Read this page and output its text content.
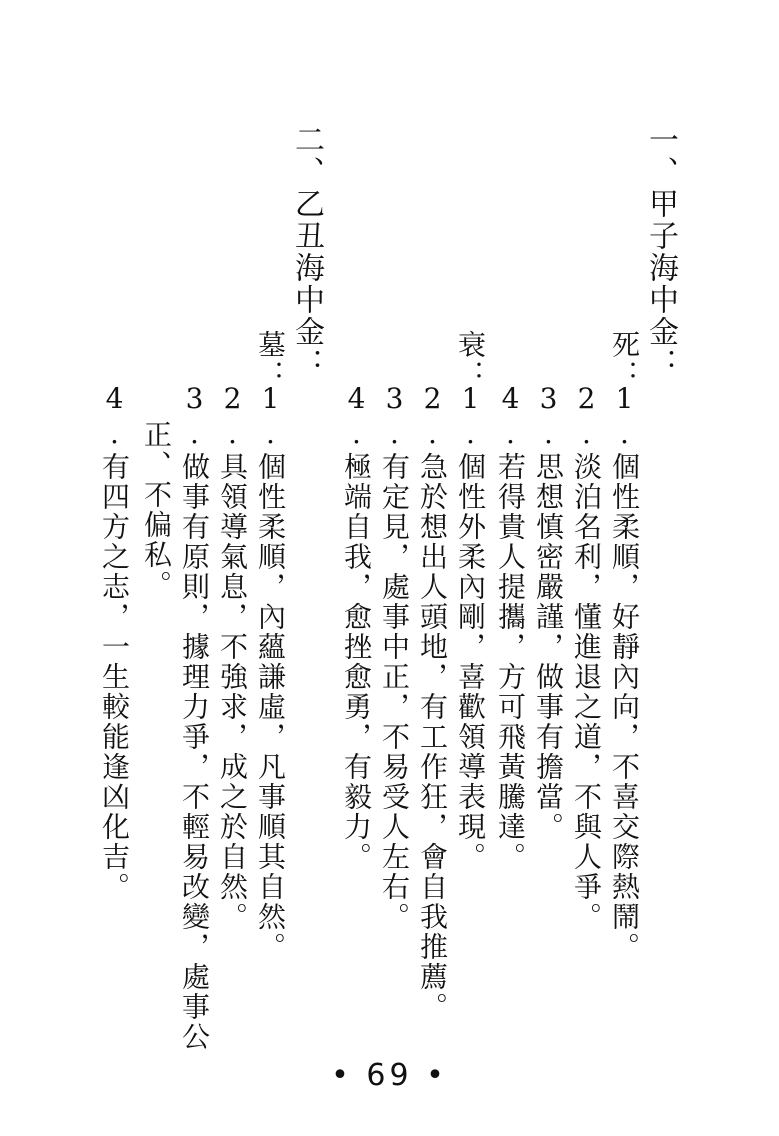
一、甲子海中金：
死：
1.個性柔順，好靜內向，不喜交際熱鬧。
2.淡泊名利，懂進退之道，不與人爭。
3.思想慎密嚴謹，做事有擔當。
4.若得貴人提攜，方可飛黃騰達。
衰：
1.個性外柔內剛，喜歡領導表現。
2.急於想出人頭地，有工作狂，會自我推薦。
3.有定見，處事中正，不易受人左右。
4.極端自我，愈挫愈勇，有毅力。
二、乙丑海中金：
墓：
1.個性柔順，內蘊謙虛，凡事順其自然。
2.具領導氣息，不強求，成之於自然。
3.做事有原則，據理力爭，不輕易改變，處事公
正、不偏私。
4.有四方之志，一生較能逢凶化吉。
• 69 •
